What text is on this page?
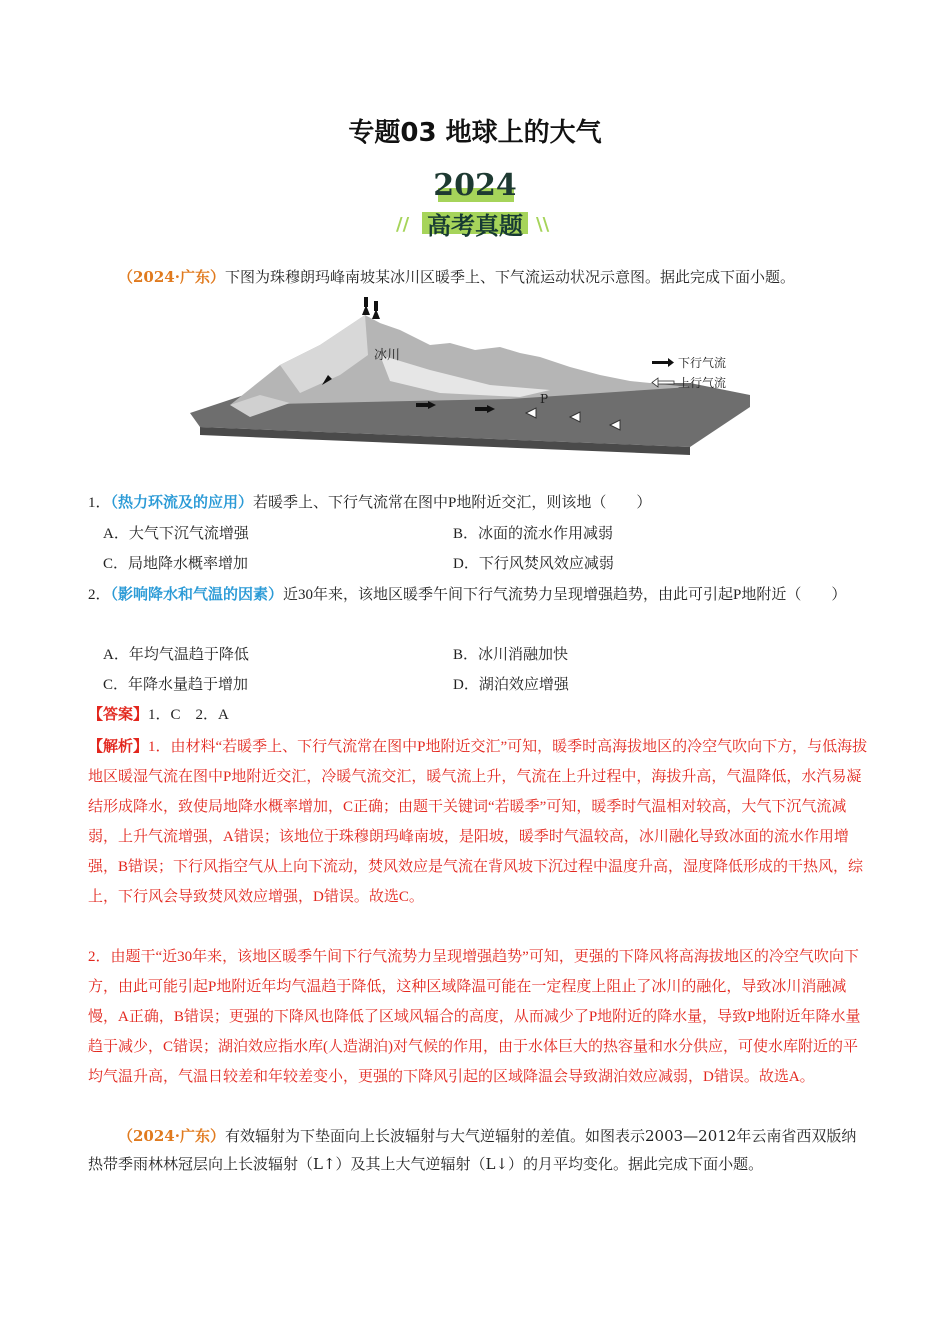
专题03 地球上的大气
2024
高考真题
//	\\
（2024·广东）下图为珠穆朗玛峰南坡某冰川区暖季上、下气流运动状况示意图。据此完成下面小题。
冰川
P
下行气流
上行气流
1．（热力环流及的应用）若暖季上、下行气流常在图中P地附近交汇，则该地（　　）
A．大气下沉气流增强	B．冰面的流水作用减弱
C．局地降水概率增加	D．下行风焚风效应减弱
2．（影响降水和气温的因素）近30年来，该地区暖季午间下行气流势力呈现增强趋势，由此可引起P地附近（　　）
A．年均气温趋于降低	B．冰川消融加快
C．年降水量趋于增加	D．湖泊效应增强
【答案】1．C　2．A
【解析】1．由材料“若暖季上、下行气流常在图中P地附近交汇”可知，暖季时高海拔地区的冷空气吹向下方，与低海拔地区暖湿气流在图中P地附近交汇，冷暖气流交汇，暖气流上升，气流在上升过程中，海拔升高，气温降低，水汽易凝结形成降水，致使局地降水概率增加，C正确；由题干关键词“若暖季”可知，暖季时气温相对较高，大气下沉气流减弱，上升气流增强，A错误；该地位于珠穆朗玛峰南坡，是阳坡，暖季时气温较高，冰川融化导致冰面的流水作用增强，B错误；下行风指空气从上向下流动，焚风效应是气流在背风坡下沉过程中温度升高，湿度降低形成的干热风，综上，下行风会导致焚风效应增强，D错误。故选C。
2．由题干“近30年来，该地区暖季午间下行气流势力呈现增强趋势”可知，更强的下降风将高海拔地区的冷空气吹向下方，由此可能引起P地附近年均气温趋于降低，这种区域降温可能在一定程度上阻止了冰川的融化，导致冰川消融减慢，A正确，B错误；更强的下降风也降低了区域风辐合的高度，从而减少了P地附近的降水量，导致P地附近年降水量趋于减少，C错误；湖泊效应指水库(人造湖泊)对气候的作用，由于水体巨大的热容量和水分供应，可使水库附近的平均气温升高，气温日较差和年较差变小，更强的下降风引起的区域降温会导致湖泊效应减弱，D错误。故选A。
（2024·广东）有效辐射为下垫面向上长波辐射与大气逆辐射的差值。如图表示2003—2012年云南省西双版纳热带季雨林林冠层向上长波辐射（L↑）及其上大气逆辐射（L↓）的月平均变化。据此完成下面小题。
